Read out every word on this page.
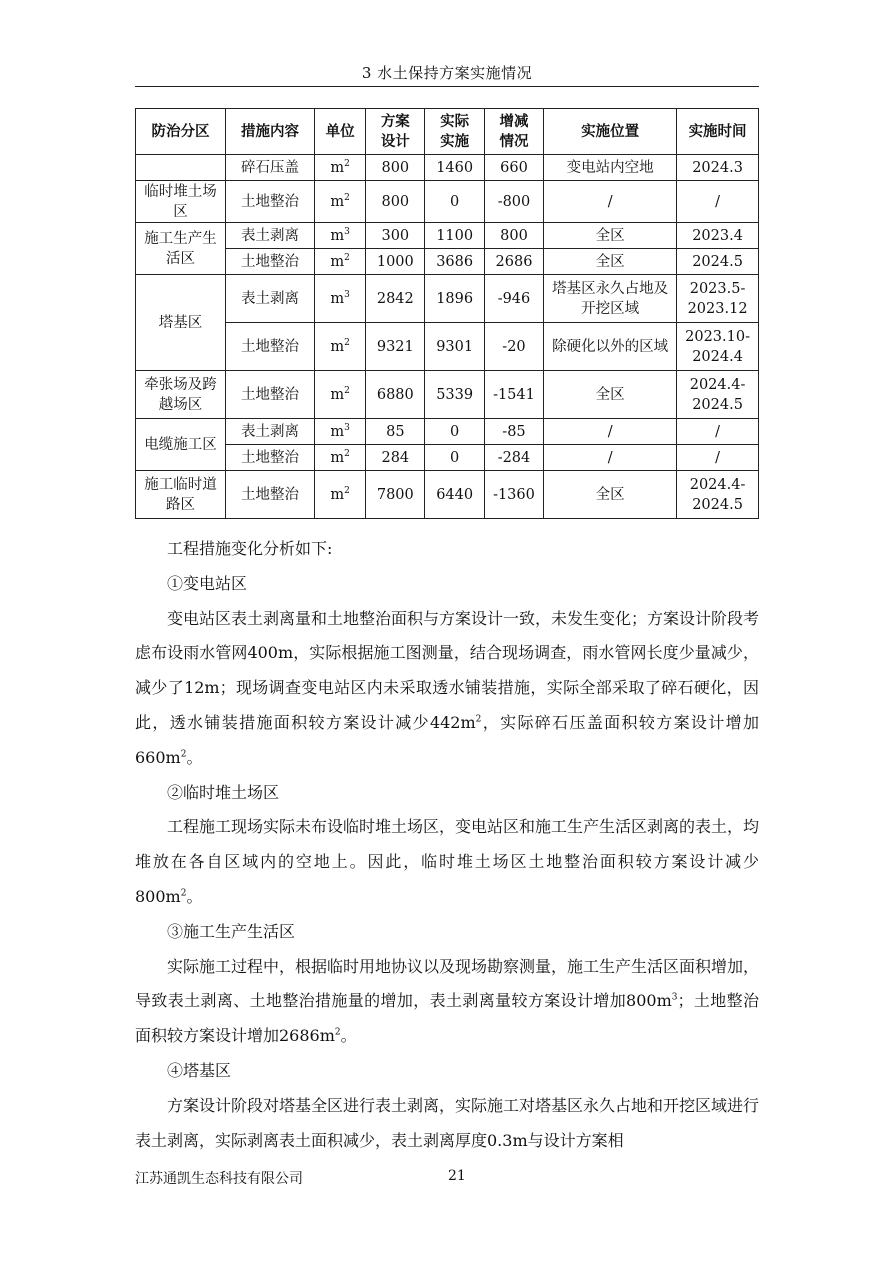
3 水土保持方案实施情况
防治分区	措施内容	单位	方案设计	实际实施	增减情况	实施位置	实施时间
	碎石压盖	$m^2$	800	1460	660	变电站内空地	2024.3
临时堆土场区	土地整治	$m^2$	800	0	-800	/	/
施工生产生活区	表土剥离	$m^3$	300	1100	800	全区	2023.4
	土地整治	$m^2$	1000	3686	2686	全区	2024.5
塔基区	表土剥离	$m^3$	2842	1896	-946	塔基区永久占地及开挖区域	2023.5-2023.12
	土地整治	$m^2$	9321	9301	-20	除硬化以外的区域	2023.10-2024.4
牵张场及跨越场区	土地整治	$m^2$	6880	5339	-1541	全区	2024.4-2024.5
电缆施工区	表土剥离	$m^3$	85	0	-85	/	/
	土地整治	$m^2$	284	0	-284	/	/
施工临时道路区	土地整治	$m^2$	7800	6440	-1360	全区	2024.4-2024.5

工程措施变化分析如下:

①变电站区

变电站区表土剥离量和土地整治面积与方案设计一致，未发生变化；方案设计阶段考虑布设雨水管网400m，实际根据施工图测量，结合现场调查，雨水管网长度少量减少，减少了12m；现场调查变电站区内未采取透水铺装措施，实际全部采取了碎石硬化，因此，透水铺装措施面积较方案设计减少$442m^2$，实际碎石压盖面积较方案设计增加$660m^2$。

②临时堆土场区

工程施工现场实际未布设临时堆土场区，变电站区和施工生产生活区剥离的表土，均堆放在各自区域内的空地上。因此，临时堆土场区土地整治面积较方案设计减少$800m^2$。

③施工生产生活区

实际施工过程中，根据临时用地协议以及现场勘察测量，施工生产生活区面积增加，导致表土剥离、土地整治措施量的增加，表土剥离量较方案设计增加$800m^3$；土地整治面积较方案设计增加$2686m^2$。

④塔基区

方案设计阶段对塔基全区进行表土剥离，实际施工对塔基区永久占地和开挖区域进行表土剥离，实际剥离表土面积减少，表土剥离厚度0.3m与设计方案相

江苏通凯生态科技有限公司	21
